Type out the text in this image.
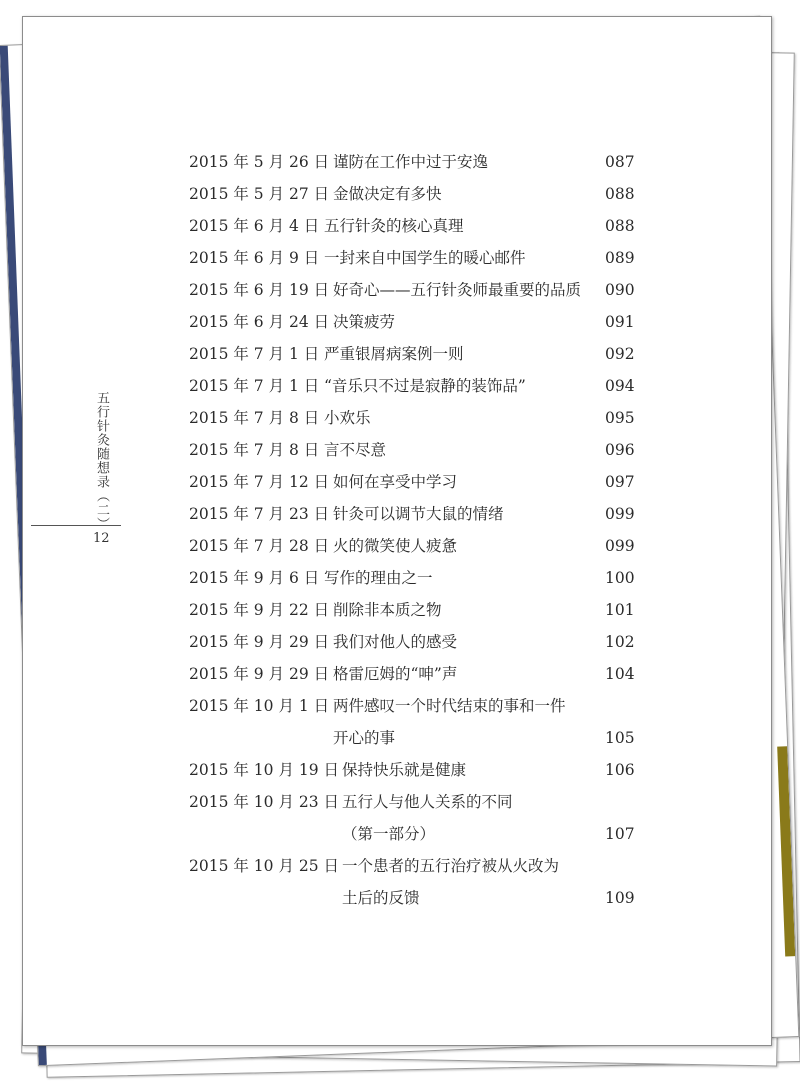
五行针灸随想录（二）
12
2015 年 5 月 26 日 谨防在工作中过于安逸	087
2015 年 5 月 27 日 金做决定有多快	088
2015 年 6 月 4 日 五行针灸的核心真理	088
2015 年 6 月 9 日 一封来自中国学生的暖心邮件	089
2015 年 6 月 19 日 好奇心——五行针灸师最重要的品质 090
2015 年 6 月 24 日 决策疲劳	091
2015 年 7 月 1 日 严重银屑病案例一则	092
2015 年 7 月 1 日 “音乐只不过是寂静的装饰品”	094
2015 年 7 月 8 日 小欢乐	095
2015 年 7 月 8 日 言不尽意	096
2015 年 7 月 12 日 如何在享受中学习	097
2015 年 7 月 23 日 针灸可以调节大鼠的情绪	099
2015 年 7 月 28 日 火的微笑使人疲惫	099
2015 年 9 月 6 日 写作的理由之一	100
2015 年 9 月 22 日 削除非本质之物	101
2015 年 9 月 29 日 我们对他人的感受	102
2015 年 9 月 29 日 格雷厄姆的“呻”声	104
2015 年 10 月 1 日 两件感叹一个时代结束的事和一件
开心的事	105
2015 年 10 月 19 日 保持快乐就是健康	106
2015 年 10 月 23 日 五行人与他人关系的不同
（第一部分）	107
2015 年 10 月 25 日 一个患者的五行治疗被从火改为
土后的反馈	109
